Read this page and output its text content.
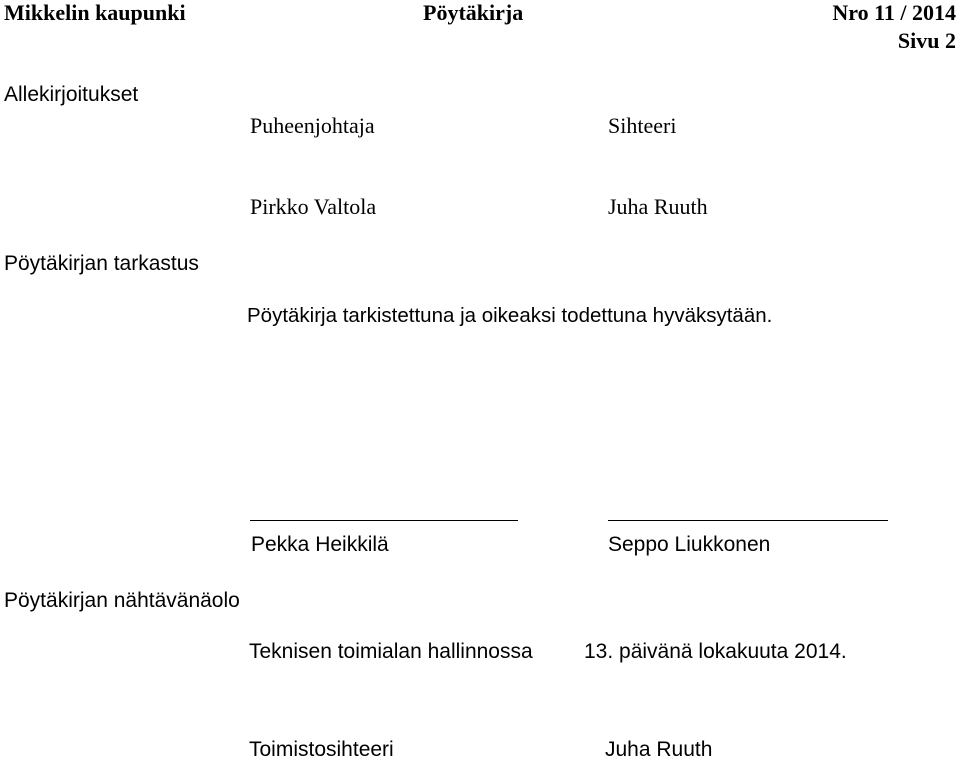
Mikkelin kaupunki	Pöytäkirja	Nro 11 / 2014
Sivu 2
Allekirjoitukset
Puheenjohtaja	Sihteeri
Pirkko Valtola	Juha Ruuth
Pöytäkirjan tarkastus
Pöytäkirja tarkistettuna ja oikeaksi todettuna hyväksytään.
Pekka Heikkilä	Seppo Liukkonen
Pöytäkirjan nähtävänäolo
Teknisen toimialan hallinnossa 13. päivänä lokakuuta 2014.
Toimistosihteeri	Juha Ruuth
